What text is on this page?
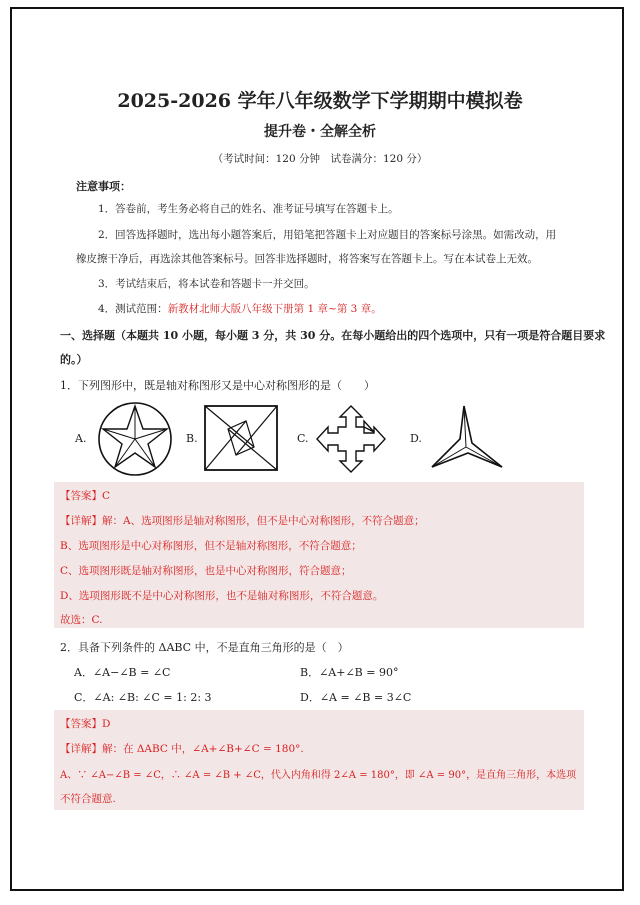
2025-2026 学年八年级数学下学期期中模拟卷
提升卷・全解全析
（考试时间：120 分钟　试卷满分：120 分）
注意事项：
1．答卷前，考生务必将自己的姓名、准考证号填写在答题卡上。
2．回答选择题时，选出每小题答案后，用铅笔把答题卡上对应题目的答案标号涂黑。如需改动，用
橡皮擦干净后，再选涂其他答案标号。回答非选择题时，将答案写在答题卡上。写在本试卷上无效。
3．考试结束后，将本试卷和答题卡一并交回。
4．测试范围：新教材北师大版八年级下册第 1 章~第 3 章。
一、选择题（本题共 10 小题，每小题 3 分，共 30 分。在每小题给出的四个选项中，只有一项是符合题目要求
的。）
1．下列图形中，既是轴对称图形又是中心对称图形的是（　　）
A.	B.	C.	D.
【答案】C
【详解】解：A、选项图形是轴对称图形，但不是中心对称图形，不符合题意；
B、选项图形是中心对称图形，但不是轴对称图形，不符合题意；
C、选项图形既是轴对称图形，也是中心对称图形，符合题意；
D、选项图形既不是中心对称图形，也不是轴对称图形，不符合题意。
故选：C.
2．具备下列条件的 ΔABC 中，不是直角三角形的是（　）
A．∠A−∠B = ∠C	B．∠A+∠B = 90°
C．∠A: ∠B: ∠C = 1: 2: 3	D．∠A = ∠B = 3∠C
【答案】D
【详解】解：在 ΔABC 中，∠A+∠B+∠C = 180°.
A、∵ ∠A−∠B = ∠C，∴ ∠A = ∠B + ∠C，代入内角和得 2∠A = 180°，即 ∠A = 90°，是直角三角形，本选项
不符合题意.
